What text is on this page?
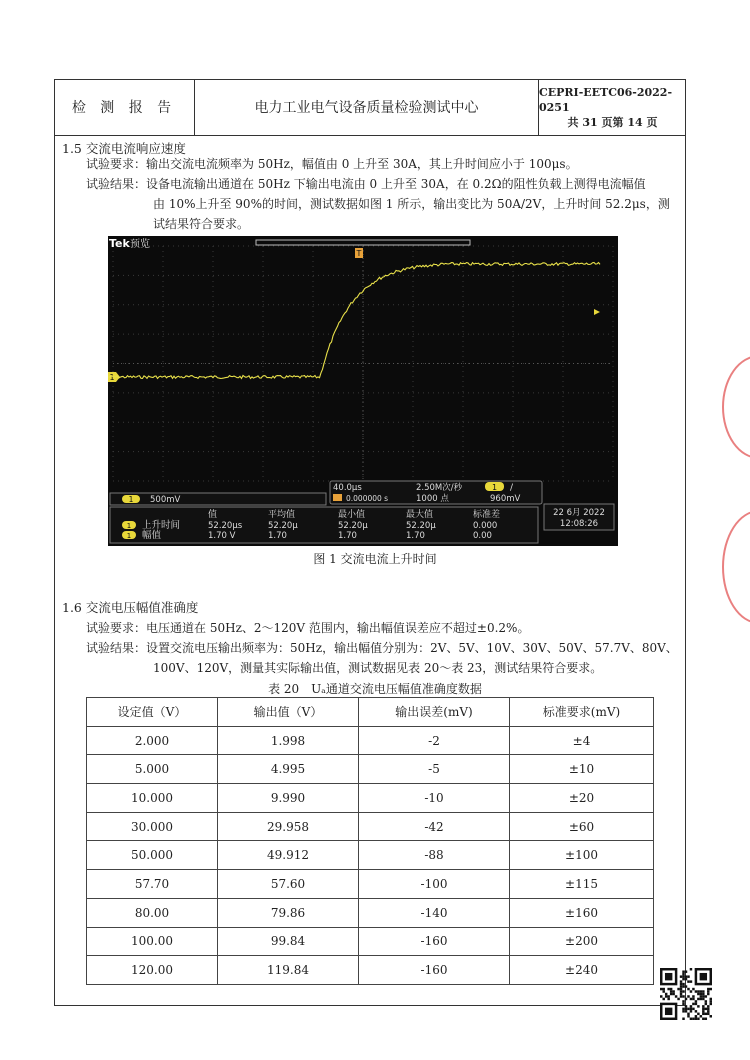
检 测 报 告	电力工业电气设备质量检验测试中心
CEPRI-EETC06-2022-0251
共 31 页第 14 页
1.5 交流电流响应速度
试验要求：输出交流电流频率为 50Hz，幅值由 0 上升至 30A，其上升时间应小于 100μs。
试验结果：设备电流输出通道在 50Hz 下输出电流由 0 上升至 30A，在 0.2Ω的阻性负载上测得电流幅值
由 10%上升至 90%的时间，测试数据如图 1 所示，输出变比为 50A/2V，上升时间 52.2μs，测
试结果符合要求。
Tek 预览
T
1
40.0μs
0.000000 s
2.50M次/秒
1000 点
1 /
960mV
1 500mV
值	平均值	最小值	最大值	标准差
1 上升时间	52.20μs	52.20μ	52.20μ	52.20μ	0.000
1 幅值	1.70 V	1.70	1.70	1.70	0.00
22 6月 2022
12:08:26
图 1 交流电流上升时间
1.6 交流电压幅值准确度
试验要求：电压通道在 50Hz、2～120V 范围内，输出幅值误差应不超过±0.2%。
试验结果：设置交流电压输出频率为：50Hz，输出幅值分别为：2V、5V、10V、30V、50V、57.7V、80V、
100V、120V，测量其实际输出值，测试数据见表 20～表 23，测试结果符合要求。
表 20　Uₐ通道交流电压幅值准确度数据
设定值（V）	输出值（V）	输出误差(mV)	标准要求(mV)
2.000	1.998	-2	±4
5.000	4.995	-5	±10
10.000	9.990	-10	±20
30.000	29.958	-42	±60
50.000	49.912	-88	±100
57.70	57.60	-100	±115
80.00	79.86	-140	±160
100.00	99.84	-160	±200
120.00	119.84	-160	±240
